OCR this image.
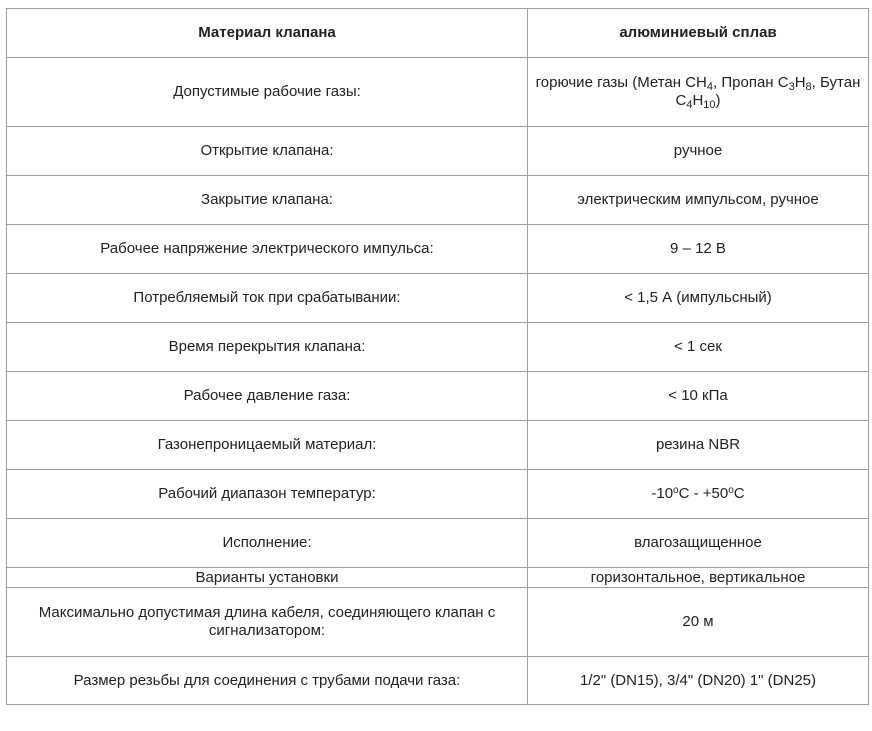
Материал клапана	алюминиевый сплав
Допустимые рабочие газы:	горючие газы (Метан $CH_4$, Пропан $C_3H_8$, Бутан $C_4H_{10}$)
Открытие клапана:	ручное
Закрытие клапана:	электрическим импульсом, ручное
Рабочее напряжение электрического импульса:	9 – 12 В
Потребляемый ток при срабатывании:	< 1,5 А (импульсный)
Время перекрытия клапана:	< 1 сек
Рабочее давление газа:	< 10 кПа
Газонепроницаемый материал:	резина NBR
Рабочий диапазон температур:	$-10^oC - +50^oC$
Исполнение:	влагозащищенное
Варианты установки	горизонтальное, вертикальное
Максимально допустимая длина кабеля, соединяющего клапан с сигнализатором:	20 м
Размер резьбы для соединения с трубами подачи газа:	1/2" (DN15), 3/4" (DN20) 1" (DN25)
